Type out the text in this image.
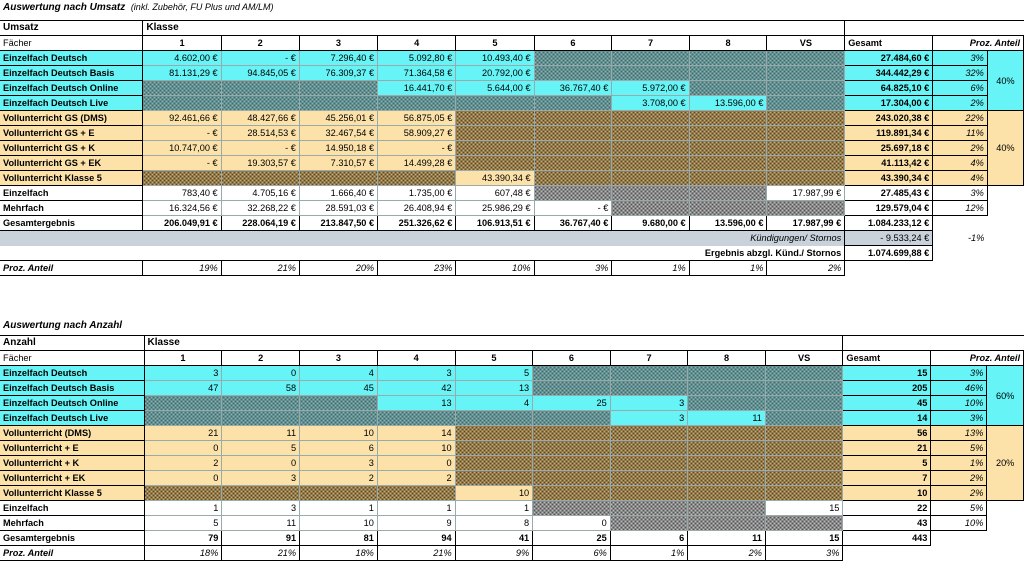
Auswertung nach Umsatz (inkl. Zubehör, FU Plus und AM/LM)
Umsatz	Klasse											
Fächer	1	2	3	4	5	6	7	8	VS	Gesamt	Proz. Anteil	
Einzelfach Deutsch	4.602,00 €	- €	7.296,40 €	5.092,80 €	10.493,40 €					27.484,60 €	3%	40%
Einzelfach Deutsch Basis	81.131,29 €	94.845,05 €	76.309,37 €	71.364,58 €	20.792,00 €					344.442,29 €	32%	
Einzelfach Deutsch Online				16.441,70 €	5.644,00 €	36.767,40 €	5.972,00 €			64.825,10 €	6%	
Einzelfach Deutsch Live							3.708,00 €	13.596,00 €		17.304,00 €	2%	
Vollunterricht GS (DMS)	92.461,66 €	48.427,66 €	45.256,01 €	56.875,05 €						243.020,38 €	22%	40%
Vollunterricht GS + E	- €	28.514,53 €	32.467,54 €	58.909,27 €						119.891,34 €	11%	
Vollunterricht GS + K	10.747,00 €	- €	14.950,18 €	- €						25.697,18 €	2%	
Vollunterricht GS + EK	- €	19.303,57 €	7.310,57 €	14.499,28 €						41.113,42 €	4%	
Vollunterricht Klasse 5					43.390,34 €					43.390,34 €	4%	
Einzelfach	783,40 €	4.705,16 €	1.666,40 €	1.735,00 €	607,48 €				17.987,99 €	27.485,43 €	3%	
Mehrfach	16.324,56 €	32.268,22 €	28.591,03 €	26.408,94 €	25.986,29 €	- €				129.579,04 €	12%	
Gesamtergebnis	206.049,91 €	228.064,19 €	213.847,50 €	251.326,62 €	106.913,51 €	36.767,40 €	9.680,00 €	13.596,00 €	17.987,99 €	1.084.233,12 €		
	Kündigungen/ Stornos									- 9.533,24 €	-1%	
	Ergebnis abzgl. Künd./ Stornos									1.074.699,88 €		
Proz. Anteil	19%	21%	20%	23%	10%	3%	1%	1%	2%			
Auswertung nach Anzahl
Anzahl	Klasse											
Fächer	1	2	3	4	5	6	7	8	VS	Gesamt	Proz. Anteil	
Einzelfach Deutsch	3	0	4	3	5					15	3%	60%
Einzelfach Deutsch Basis	47	58	45	42	13					205	46%	
Einzelfach Deutsch Online				13	4	25	3			45	10%	
Einzelfach Deutsch Live							3	11		14	3%	
Vollunterricht (DMS)	21	11	10	14						56	13%	20%
Vollunterricht + E	0	5	6	10						21	5%	
Vollunterricht + K	2	0	3	0						5	1%	
Vollunterricht + EK	0	3	2	2						7	2%	
Vollunterricht Klasse 5					10					10	2%	
Einzelfach	1	3	1	1	1				15	22	5%	
Mehrfach	5	11	10	9	8	0				43	10%	
Gesamtergebnis	79	91	81	94	41	25	6	11	15	443		
Proz. Anteil	18%	21%	18%	21%	9%	6%	1%	2%	3%			
